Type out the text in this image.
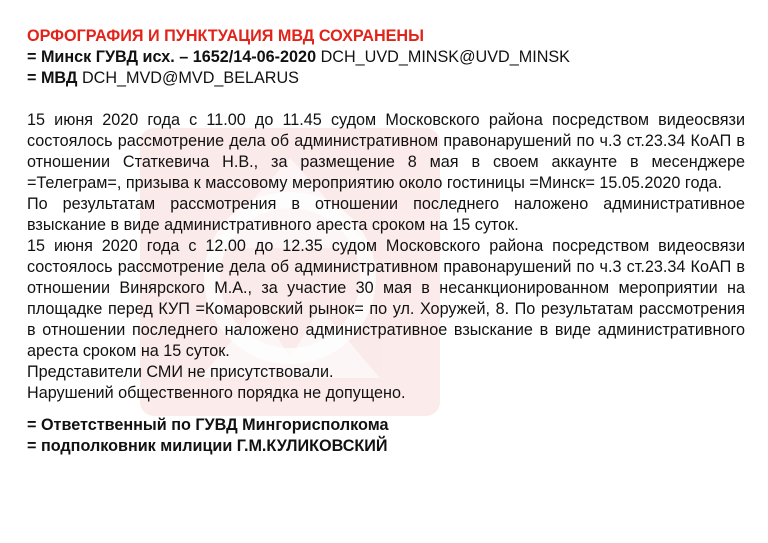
ОРФОГРАФИЯ И ПУНКТУАЦИЯ МВД СОХРАНЕНЫ
= Минск ГУВД исх. – 1652/14-06-2020 DCH_UVD_MINSK@UVD_MINSK
= МВД DCH_MVD@MVD_BELARUS
15 июня 2020 года с 11.00 до 11.45 судом Московского района посредством видеосвязи состоялось рассмотрение дела об административном правонарушений по ч.3 ст.23.34 КоАП в отношении Статкевича Н.В., за размещение 8 мая в своем аккаунте в месенджере =Телеграм=, призыва к массовому мероприятию около гостиницы =Минск= 15.05.2020 года.
По результатам рассмотрения в отношении последнего наложено административное взыскание в виде административного ареста сроком на 15 суток.
15 июня 2020 года с 12.00 до 12.35 судом Московского района посредством видеосвязи состоялось рассмотрение дела об административном правонарушений по ч.3 ст.23.34 КоАП в отношении Винярского М.А., за участие 30 мая в несанкционированном мероприятии на площадке перед КУП =Комаровский рынок= по ул. Хоружей, 8. По результатам рассмотрения в отношении последнего наложено административное взыскание в виде административного ареста сроком на 15 суток.
Представители СМИ не присутствовали.
Нарушений общественного порядка не допущено.
= Ответственный по ГУВД Мингорисполкома
= подполковник милиции Г.М.КУЛИКОВСКИЙ
